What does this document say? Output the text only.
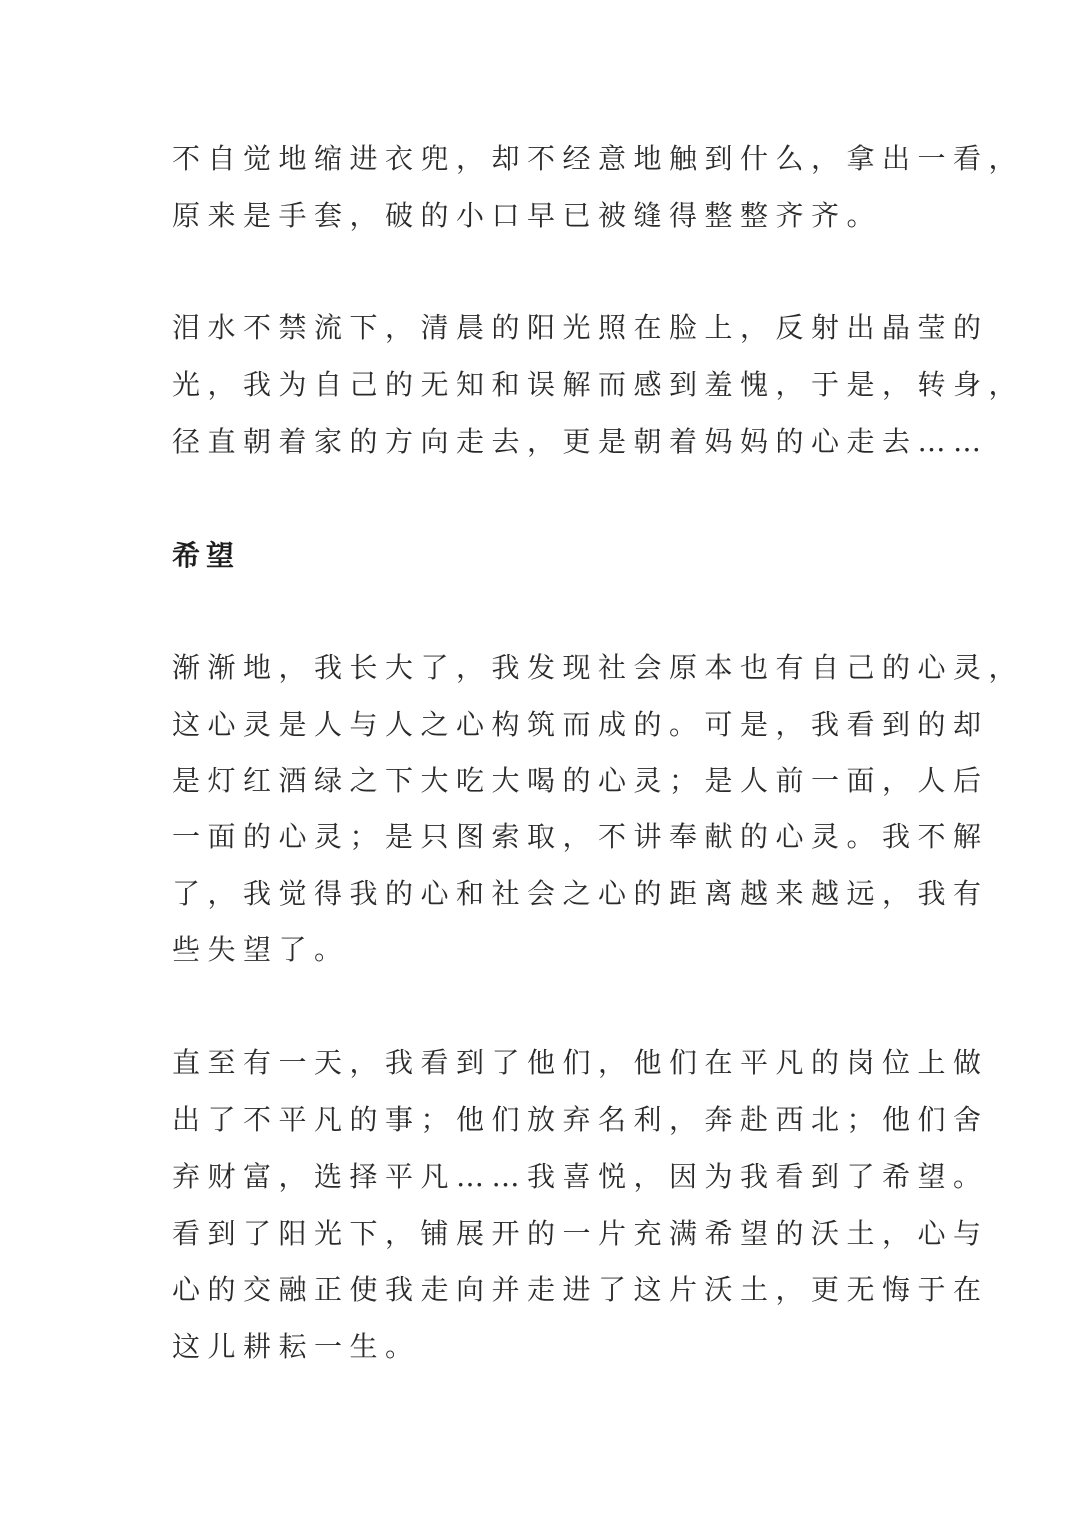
不自觉地缩进衣兜，却不经意地触到什么，拿出一看，
原来是手套，破的小口早已被缝得整整齐齐。
泪水不禁流下，清晨的阳光照在脸上，反射出晶莹的
光，我为自己的无知和误解而感到羞愧，于是，转身，
径直朝着家的方向走去，更是朝着妈妈的心走去……
希望
渐渐地，我长大了，我发现社会原本也有自己的心灵，
这心灵是人与人之心构筑而成的。可是，我看到的却
是灯红酒绿之下大吃大喝的心灵；是人前一面，人后
一面的心灵；是只图索取，不讲奉献的心灵。我不解
了，我觉得我的心和社会之心的距离越来越远，我有
些失望了。
直至有一天，我看到了他们，他们在平凡的岗位上做
出了不平凡的事；他们放弃名利，奔赴西北；他们舍
弃财富，选择平凡……我喜悦，因为我看到了希望。
看到了阳光下，铺展开的一片充满希望的沃土，心与
心的交融正使我走向并走进了这片沃土，更无悔于在
这儿耕耘一生。
